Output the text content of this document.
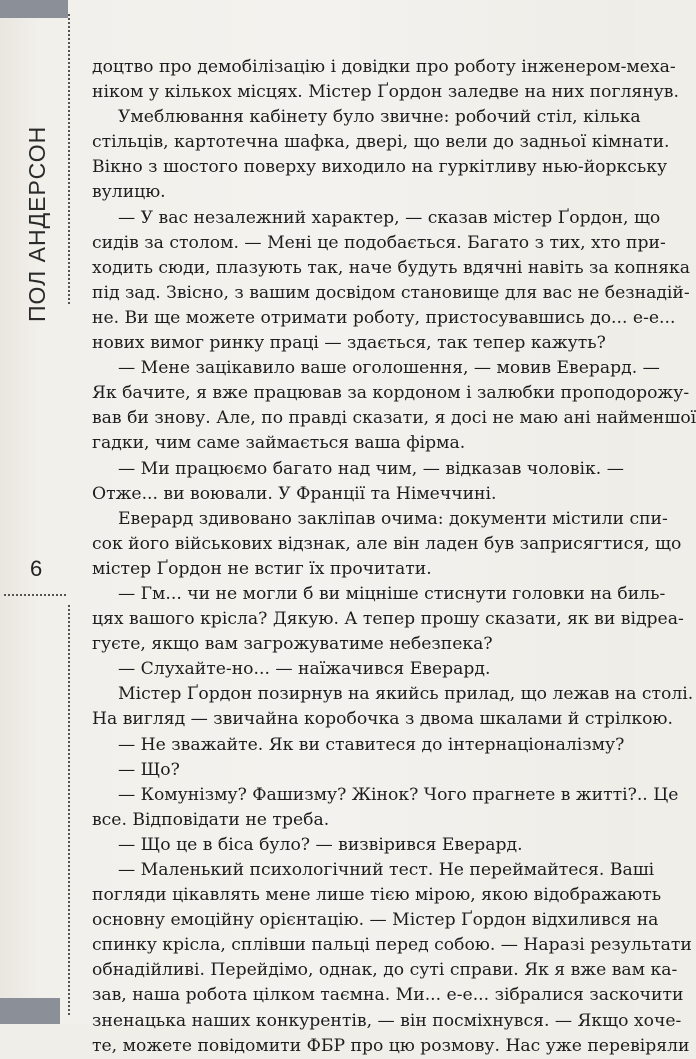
ПОЛ АНДЕРСОН
6

доцтво про демобілізацію і довідки про роботу інженером-меха-
ніком у кількох місцях. Містер Ґордон заледве на них поглянув.

Умеблювання кабінету було звичне: робочий стіл, кілька
стільців, картотечна шафка, двері, що вели до задньої кімнати.
Вікно з шостого поверху виходило на гуркітливу нью-йоркську
вулицю.

— У вас незалежний характер, — сказав містер Ґордон, що
сидів за столом. — Мені це подобається. Багато з тих, хто при-
ходить сюди, плазують так, наче будуть вдячні навіть за копняка
під зад. Звісно, з вашим досвідом становище для вас не безнадій-
не. Ви ще можете отримати роботу, пристосувавшись до... е-е...
нових вимог ринку праці — здається, так тепер кажуть?

— Мене зацікавило ваше оголошення, — мовив Еверард. —
Як бачите, я вже працював за кордоном і залюбки проподорожу-
вав би знову. Але, по правді сказати, я досі не маю ані найменшої
гадки, чим саме займається ваша фірма.

— Ми працюємо багато над чим, — відказав чоловік. —
Отже... ви воювали. У Франції та Німеччині.

Еверард здивовано закліпав очима: документи містили спи-
сок його військових відзнак, але він ладен був заприсягтися, що
містер Ґордон не встиг їх прочитати.

— Гм... чи не могли б ви міцніше стиснути головки на биль-
цях вашого крісла? Дякую. А тепер прошу сказати, як ви відреа-
гуєте, якщо вам загрожуватиме небезпека?

— Слухайте-но... — наїжачився Еверард.

Містер Ґордон позирнув на якийсь прилад, що лежав на столі.
На вигляд — звичайна коробочка з двома шкалами й стрілкою.

— Не зважайте. Як ви ставитеся до інтернаціоналізму?

— Що?

— Комунізму? Фашизму? Жінок? Чого прагнете в житті?.. Це
все. Відповідати не треба.

— Що це в біса було? — визвірився Еверард.

— Маленький психологічний тест. Не переймайтеся. Ваші
погляди цікавлять мене лише тією мірою, якою відображають
основну емоційну орієнтацію. — Містер Ґордон відхилився на
спинку крісла, сплівши пальці перед собою. — Наразі результати
обнадійливі. Перейдімо, однак, до суті справи. Як я вже вам ка-
зав, наша робота цілком таємна. Ми... е-е... зібралися заскочити
зненацька наших конкурентів, — він посміхнувся. — Якщо хоче-
те, можете повідомити ФБР про цю розмову. Нас уже перевіряли
